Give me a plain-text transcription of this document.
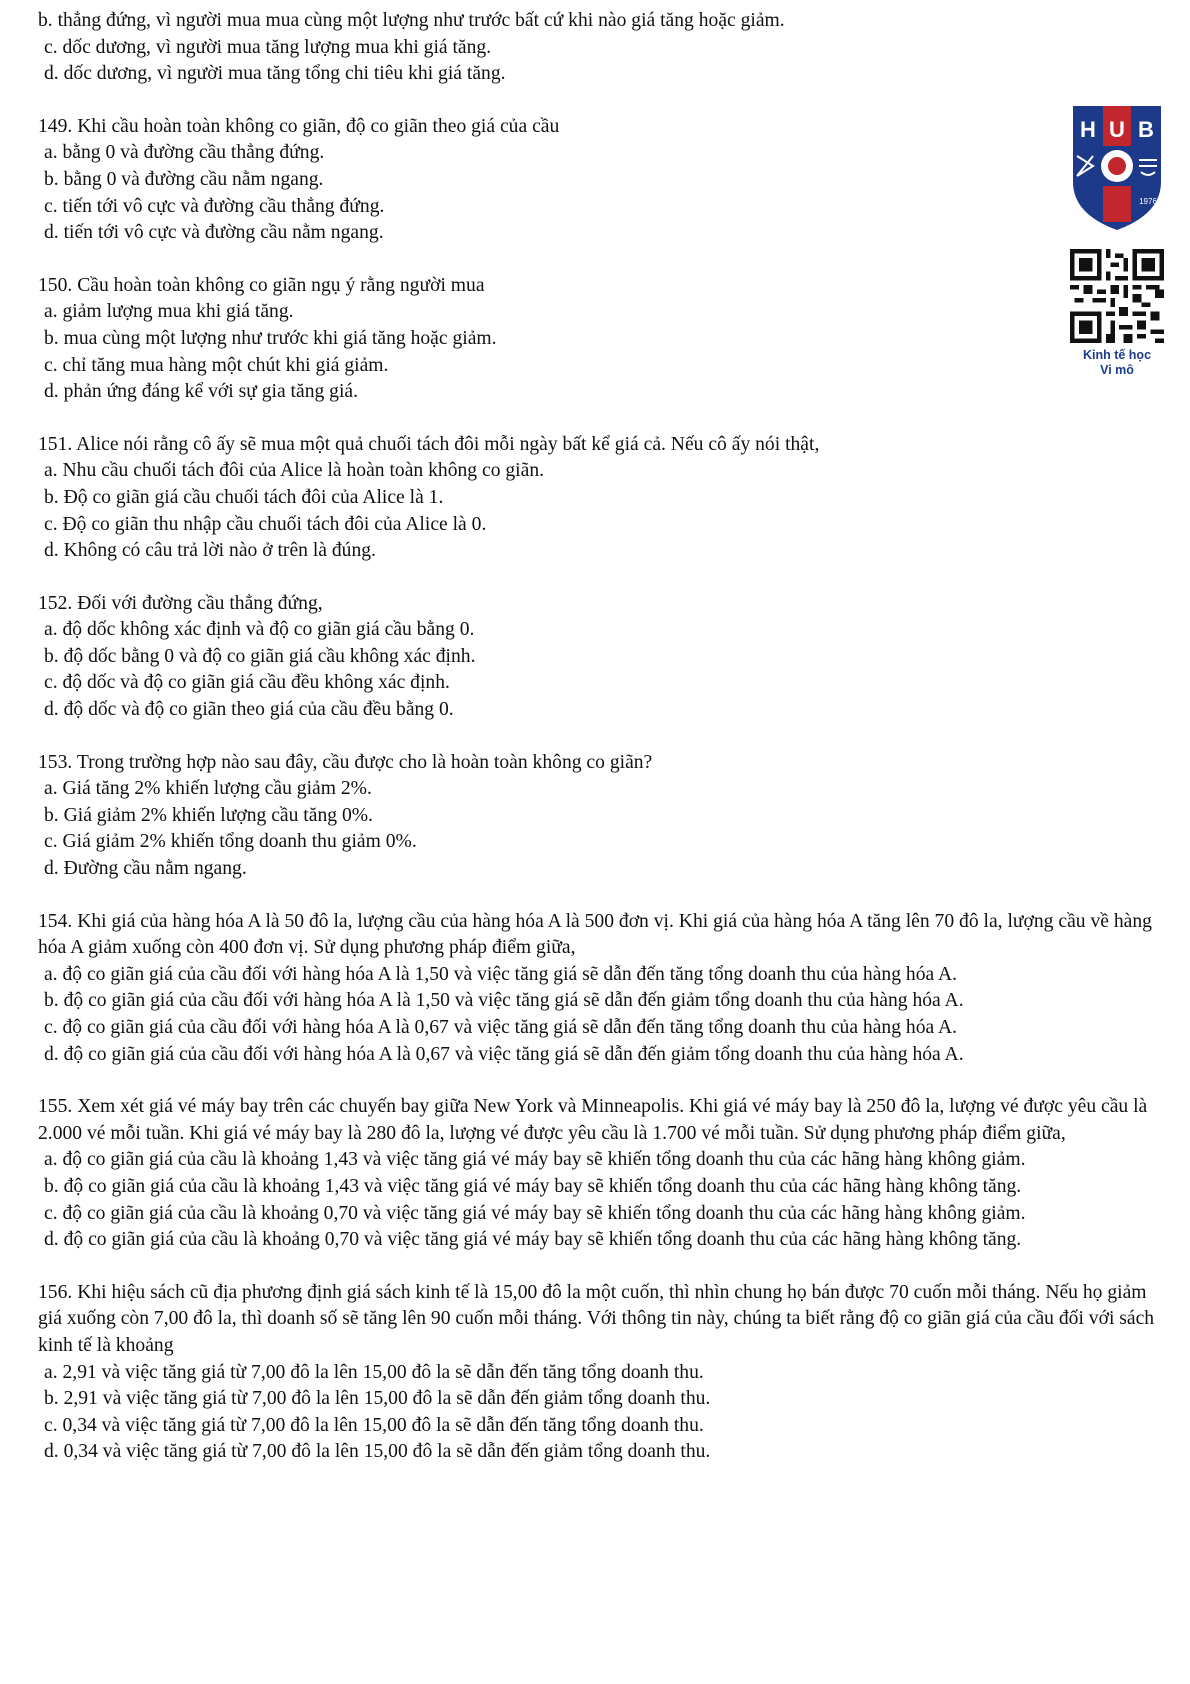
H U B
1976

Kinh tế học
Vi mô

b. thẳng đứng, vì người mua mua cùng một lượng như trước bất cứ khi nào giá tăng hoặc giảm.

c. dốc dương, vì người mua tăng lượng mua khi giá tăng.

d. dốc dương, vì người mua tăng tổng chi tiêu khi giá tăng.

149. Khi cầu hoàn toàn không co giãn, độ co giãn theo giá của cầu

a. bằng 0 và đường cầu thẳng đứng.

b. bằng 0 và đường cầu nằm ngang.

c. tiến tới vô cực và đường cầu thẳng đứng.

d. tiến tới vô cực và đường cầu nằm ngang.

150. Cầu hoàn toàn không co giãn ngụ ý rằng người mua

a. giảm lượng mua khi giá tăng.

b. mua cùng một lượng như trước khi giá tăng hoặc giảm.

c. chỉ tăng mua hàng một chút khi giá giảm.

d. phản ứng đáng kể với sự gia tăng giá.

151. Alice nói rằng cô ấy sẽ mua một quả chuối tách đôi mỗi ngày bất kể giá cả. Nếu cô ấy nói thật,

a. Nhu cầu chuối tách đôi của Alice là hoàn toàn không co giãn.

b. Độ co giãn giá cầu chuối tách đôi của Alice là 1.

c. Độ co giãn thu nhập cầu chuối tách đôi của Alice là 0.

d. Không có câu trả lời nào ở trên là đúng.

152. Đối với đường cầu thẳng đứng,

a. độ dốc không xác định và độ co giãn giá cầu bằng 0.

b. độ dốc bằng 0 và độ co giãn giá cầu không xác định.

c. độ dốc và độ co giãn giá cầu đều không xác định.

d. độ dốc và độ co giãn theo giá của cầu đều bằng 0.

153. Trong trường hợp nào sau đây, cầu được cho là hoàn toàn không co giãn?

a. Giá tăng 2% khiến lượng cầu giảm 2%.

b. Giá giảm 2% khiến lượng cầu tăng 0%.

c. Giá giảm 2% khiến tổng doanh thu giảm 0%.

d. Đường cầu nằm ngang.

154. Khi giá của hàng hóa A là 50 đô la, lượng cầu của hàng hóa A là 500 đơn vị. Khi giá của hàng hóa A tăng lên 70 đô la, lượng cầu về hàng hóa A giảm xuống còn 400 đơn vị. Sử dụng phương pháp điểm giữa,

a. độ co giãn giá của cầu đối với hàng hóa A là 1,50 và việc tăng giá sẽ dẫn đến tăng tổng doanh thu của hàng hóa A.

b. độ co giãn giá của cầu đối với hàng hóa A là 1,50 và việc tăng giá sẽ dẫn đến giảm tổng doanh thu của hàng hóa A.

c. độ co giãn giá của cầu đối với hàng hóa A là 0,67 và việc tăng giá sẽ dẫn đến tăng tổng doanh thu của hàng hóa A.

d. độ co giãn giá của cầu đối với hàng hóa A là 0,67 và việc tăng giá sẽ dẫn đến giảm tổng doanh thu của hàng hóa A.

155. Xem xét giá vé máy bay trên các chuyến bay giữa New York và Minneapolis. Khi giá vé máy bay là 250 đô la, lượng vé được yêu cầu là 2.000 vé mỗi tuần. Khi giá vé máy bay là 280 đô la, lượng vé được yêu cầu là 1.700 vé mỗi tuần. Sử dụng phương pháp điểm giữa,

a. độ co giãn giá của cầu là khoảng 1,43 và việc tăng giá vé máy bay sẽ khiến tổng doanh thu của các hãng hàng không giảm.

b. độ co giãn giá của cầu là khoảng 1,43 và việc tăng giá vé máy bay sẽ khiến tổng doanh thu của các hãng hàng không tăng.

c. độ co giãn giá của cầu là khoảng 0,70 và việc tăng giá vé máy bay sẽ khiến tổng doanh thu của các hãng hàng không giảm.

d. độ co giãn giá của cầu là khoảng 0,70 và việc tăng giá vé máy bay sẽ khiến tổng doanh thu của các hãng hàng không tăng.

156. Khi hiệu sách cũ địa phương định giá sách kinh tế là 15,00 đô la một cuốn, thì nhìn chung họ bán được 70 cuốn mỗi tháng. Nếu họ giảm giá xuống còn 7,00 đô la, thì doanh số sẽ tăng lên 90 cuốn mỗi tháng. Với thông tin này, chúng ta biết rằng độ co giãn giá của cầu đối với sách kinh tế là khoảng

a. 2,91 và việc tăng giá từ 7,00 đô la lên 15,00 đô la sẽ dẫn đến tăng tổng doanh thu.

b. 2,91 và việc tăng giá từ 7,00 đô la lên 15,00 đô la sẽ dẫn đến giảm tổng doanh thu.

c. 0,34 và việc tăng giá từ 7,00 đô la lên 15,00 đô la sẽ dẫn đến tăng tổng doanh thu.

d. 0,34 và việc tăng giá từ 7,00 đô la lên 15,00 đô la sẽ dẫn đến giảm tổng doanh thu.
